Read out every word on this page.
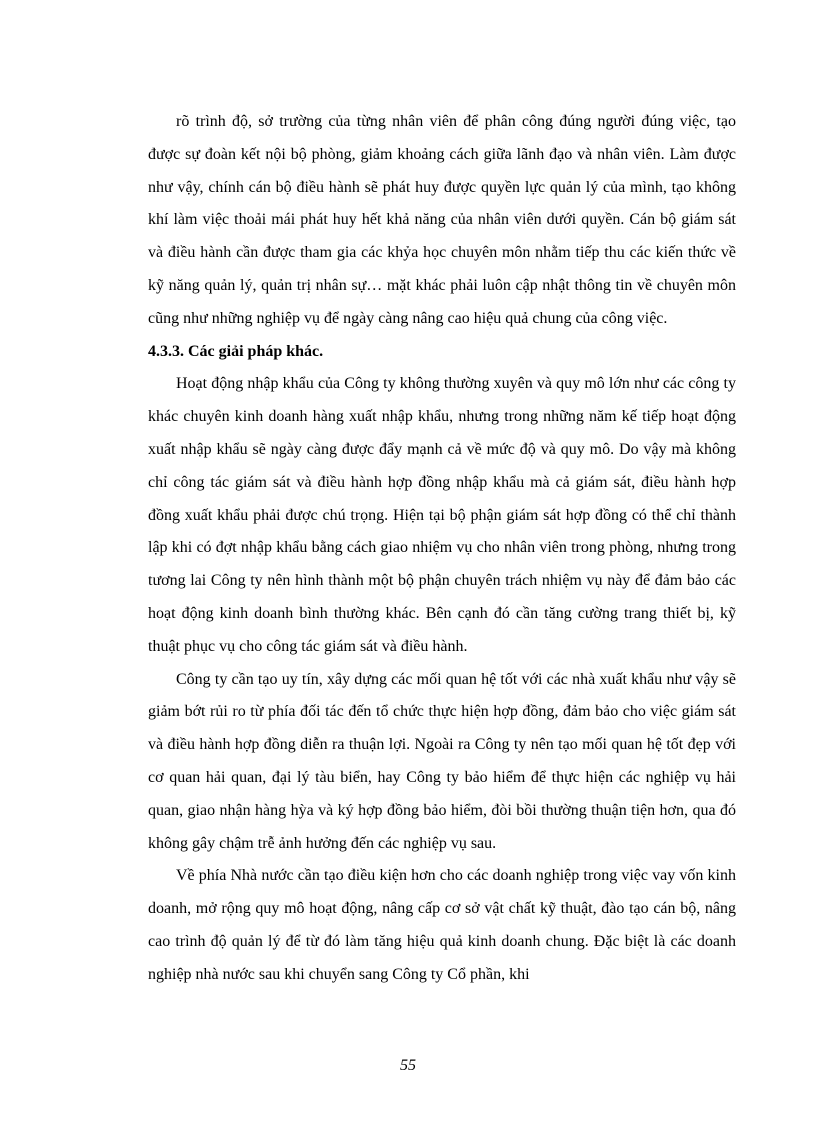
rõ trình độ, sở trường của từng nhân viên để phân công đúng người đúng việc, tạo được sự đoàn kết nội bộ phòng, giảm khoảng cách giữa lãnh đạo và nhân viên. Làm được như vậy, chính cán bộ điều hành sẽ phát huy được quyền lực quản lý của mình, tạo không khí làm việc thoải mái phát huy hết khả năng của nhân viên dưới quyền. Cán bộ giám sát và điều hành cần được tham gia các khỷa học chuyên môn nhằm tiếp thu các kiến thức về kỹ năng quản lý, quản trị nhân sự… mặt khác phải luôn cập nhật thông tin về chuyên môn cũng như những nghiệp vụ để ngày càng nâng cao hiệu quả chung của công việc.

4.3.3. Các giải pháp khác.

Hoạt động nhập khẩu của Công ty không thường xuyên và quy mô lớn như các công ty khác chuyên kinh doanh hàng xuất nhập khẩu, nhưng trong những năm kế tiếp hoạt động xuất nhập khẩu sẽ ngày càng được đẩy mạnh cả về mức độ và quy mô. Do vậy mà không chỉ công tác giám sát và điều hành hợp đồng nhập khẩu mà cả giám sát, điều hành hợp đồng xuất khẩu phải được chú trọng. Hiện tại bộ phận giám sát hợp đồng có thể chỉ thành lập khi có đợt nhập khẩu bằng cách giao nhiệm vụ cho nhân viên trong phòng, nhưng trong tương lai Công ty nên hình thành một bộ phận chuyên trách nhiệm vụ này để đảm bảo các hoạt động kinh doanh bình thường khác. Bên cạnh đó cần tăng cường trang thiết bị, kỹ thuật phục vụ cho công tác giám sát và điều hành.

Công ty cần tạo uy tín, xây dựng các mối quan hệ tốt với các nhà xuất khẩu như vậy sẽ giảm bớt rủi ro từ phía đối tác đến tổ chức thực hiện hợp đồng, đảm bảo cho việc giám sát và điều hành hợp đồng diễn ra thuận lợi. Ngoài ra Công ty nên tạo mối quan hệ tốt đẹp với cơ quan hải quan, đại lý tàu biển, hay Công ty bảo hiểm để thực hiện các nghiệp vụ hải quan, giao nhận hàng hỳa và ký hợp đồng bảo hiểm, đòi bồi thường thuận tiện hơn, qua đó không gây chậm trễ ảnh hưởng đến các nghiệp vụ sau.

Về phía Nhà nước cần tạo điều kiện hơn cho các doanh nghiệp trong việc vay vốn kinh doanh, mở rộng quy mô hoạt động, nâng cấp cơ sở vật chất kỹ thuật, đào tạo cán bộ, nâng cao trình độ quản lý để từ đó làm tăng hiệu quả kinh doanh chung. Đặc biệt là các doanh nghiệp nhà nước sau khi chuyển sang Công ty Cổ phần, khi

55
